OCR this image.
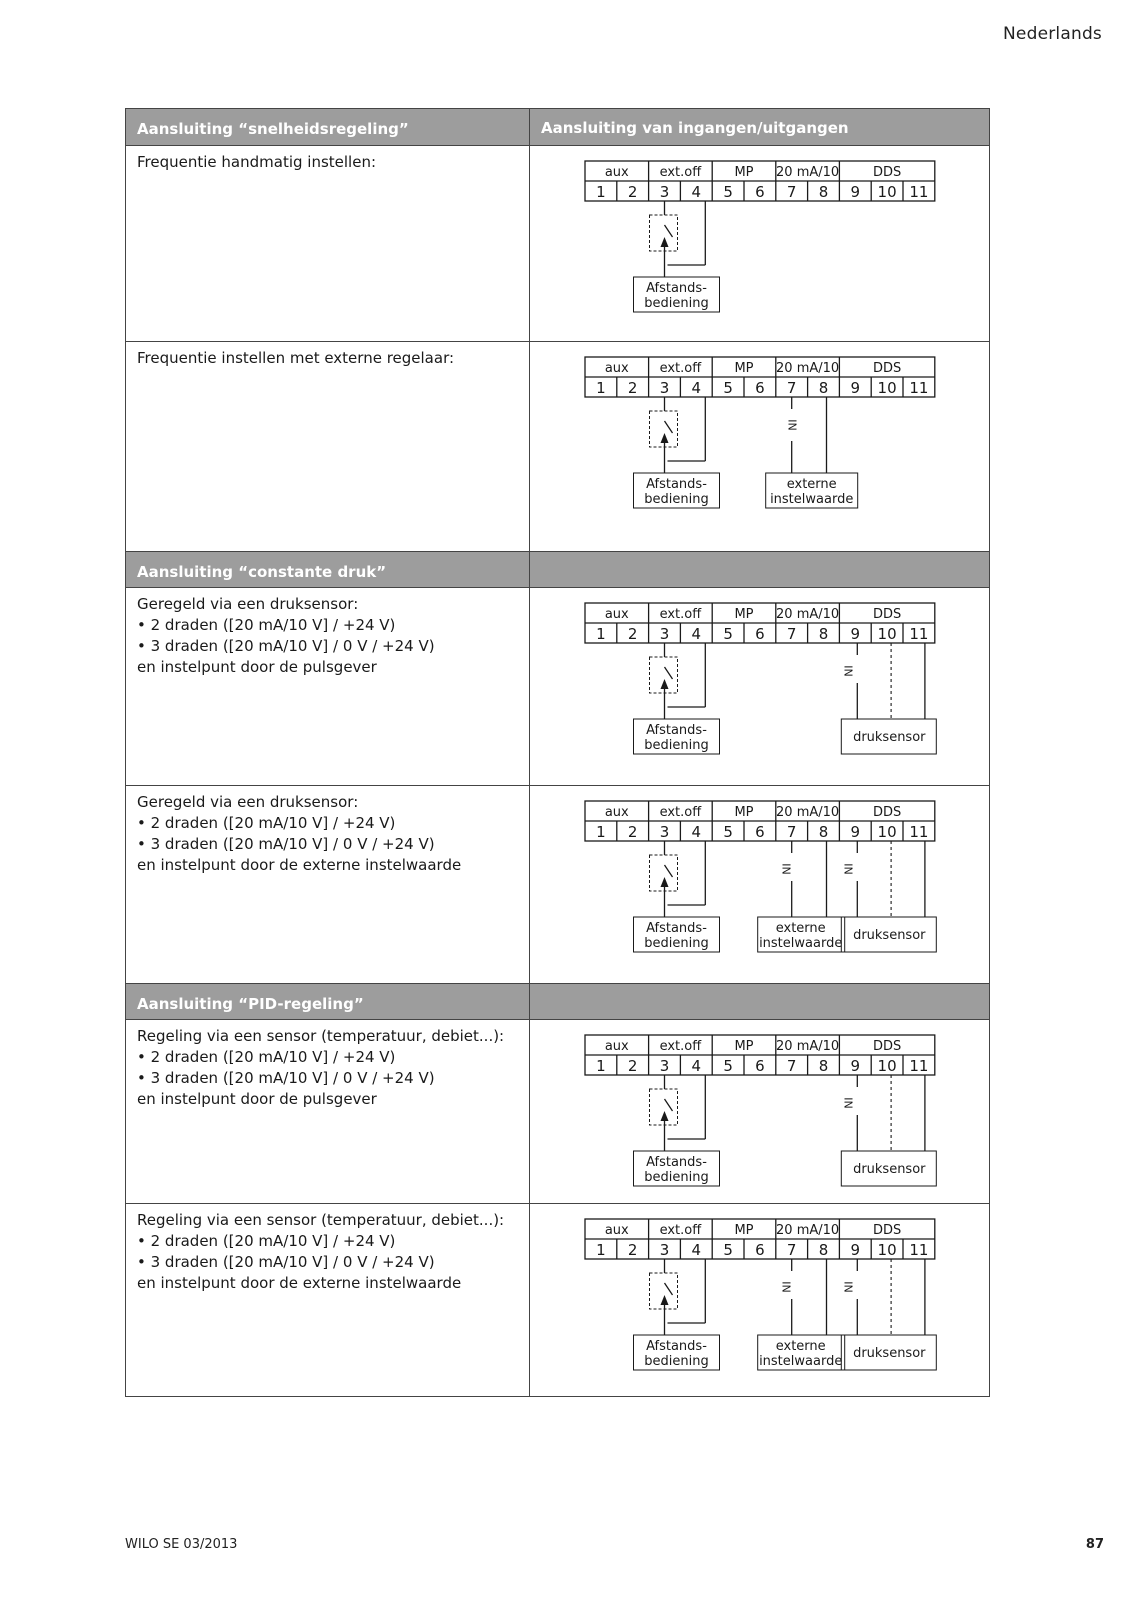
Nederlands
Aansluiting “snelheidsregeling”	Aansluiting van ingangen/uitgangen
Frequentie handmatig instellen:
aux ext.off	MP 20 mA/10	DDS
1 2 3 4 5 6 7 8 9 10 11
Afstands-
bediening
Frequentie instellen met externe regelaar:
aux ext.off	MP 20 mA/10	DDS
1 2 3 4 5 6 7 8 9 10 11
Afstands-
bediening
IN
externe
instelwaarde
Aansluiting “constante druk”
Geregeld via een druksensor:
• 2 draden ([20 mA/10 V] / +24 V)
• 3 draden ([20 mA/10 V] / 0 V / +24 V)
en instelpunt door de pulsgever
aux ext.off	MP 20 mA/10	DDS
1 2 3 4 5 6 7 8 9 10 11
Afstands-
bediening
IN
druksensor
Geregeld via een druksensor:
• 2 draden ([20 mA/10 V] / +24 V)
• 3 draden ([20 mA/10 V] / 0 V / +24 V)
en instelpunt door de externe instelwaarde
aux ext.off	MP 20 mA/10	DDS
1 2 3 4 5 6 7 8 9 10 11
Afstands-
bediening
IN
druksensor
IN
externe
instelwaarde
Aansluiting “PID-regeling”
Regeling via een sensor (temperatuur, debiet...):
• 2 draden ([20 mA/10 V] / +24 V)
• 3 draden ([20 mA/10 V] / 0 V / +24 V)
en instelpunt door de pulsgever
aux ext.off	MP 20 mA/10	DDS
1 2 3 4 5 6 7 8 9 10 11
Afstands-
bediening
IN
druksensor
Regeling via een sensor (temperatuur, debiet...):
• 2 draden ([20 mA/10 V] / +24 V)
• 3 draden ([20 mA/10 V] / 0 V / +24 V)
en instelpunt door de externe instelwaarde
aux ext.off	MP 20 mA/10	DDS
1 2 3 4 5 6 7 8 9 10 11
Afstands-
bediening
IN
druksensor
IN
externe
instelwaarde
WILO SE 03/2013	87
